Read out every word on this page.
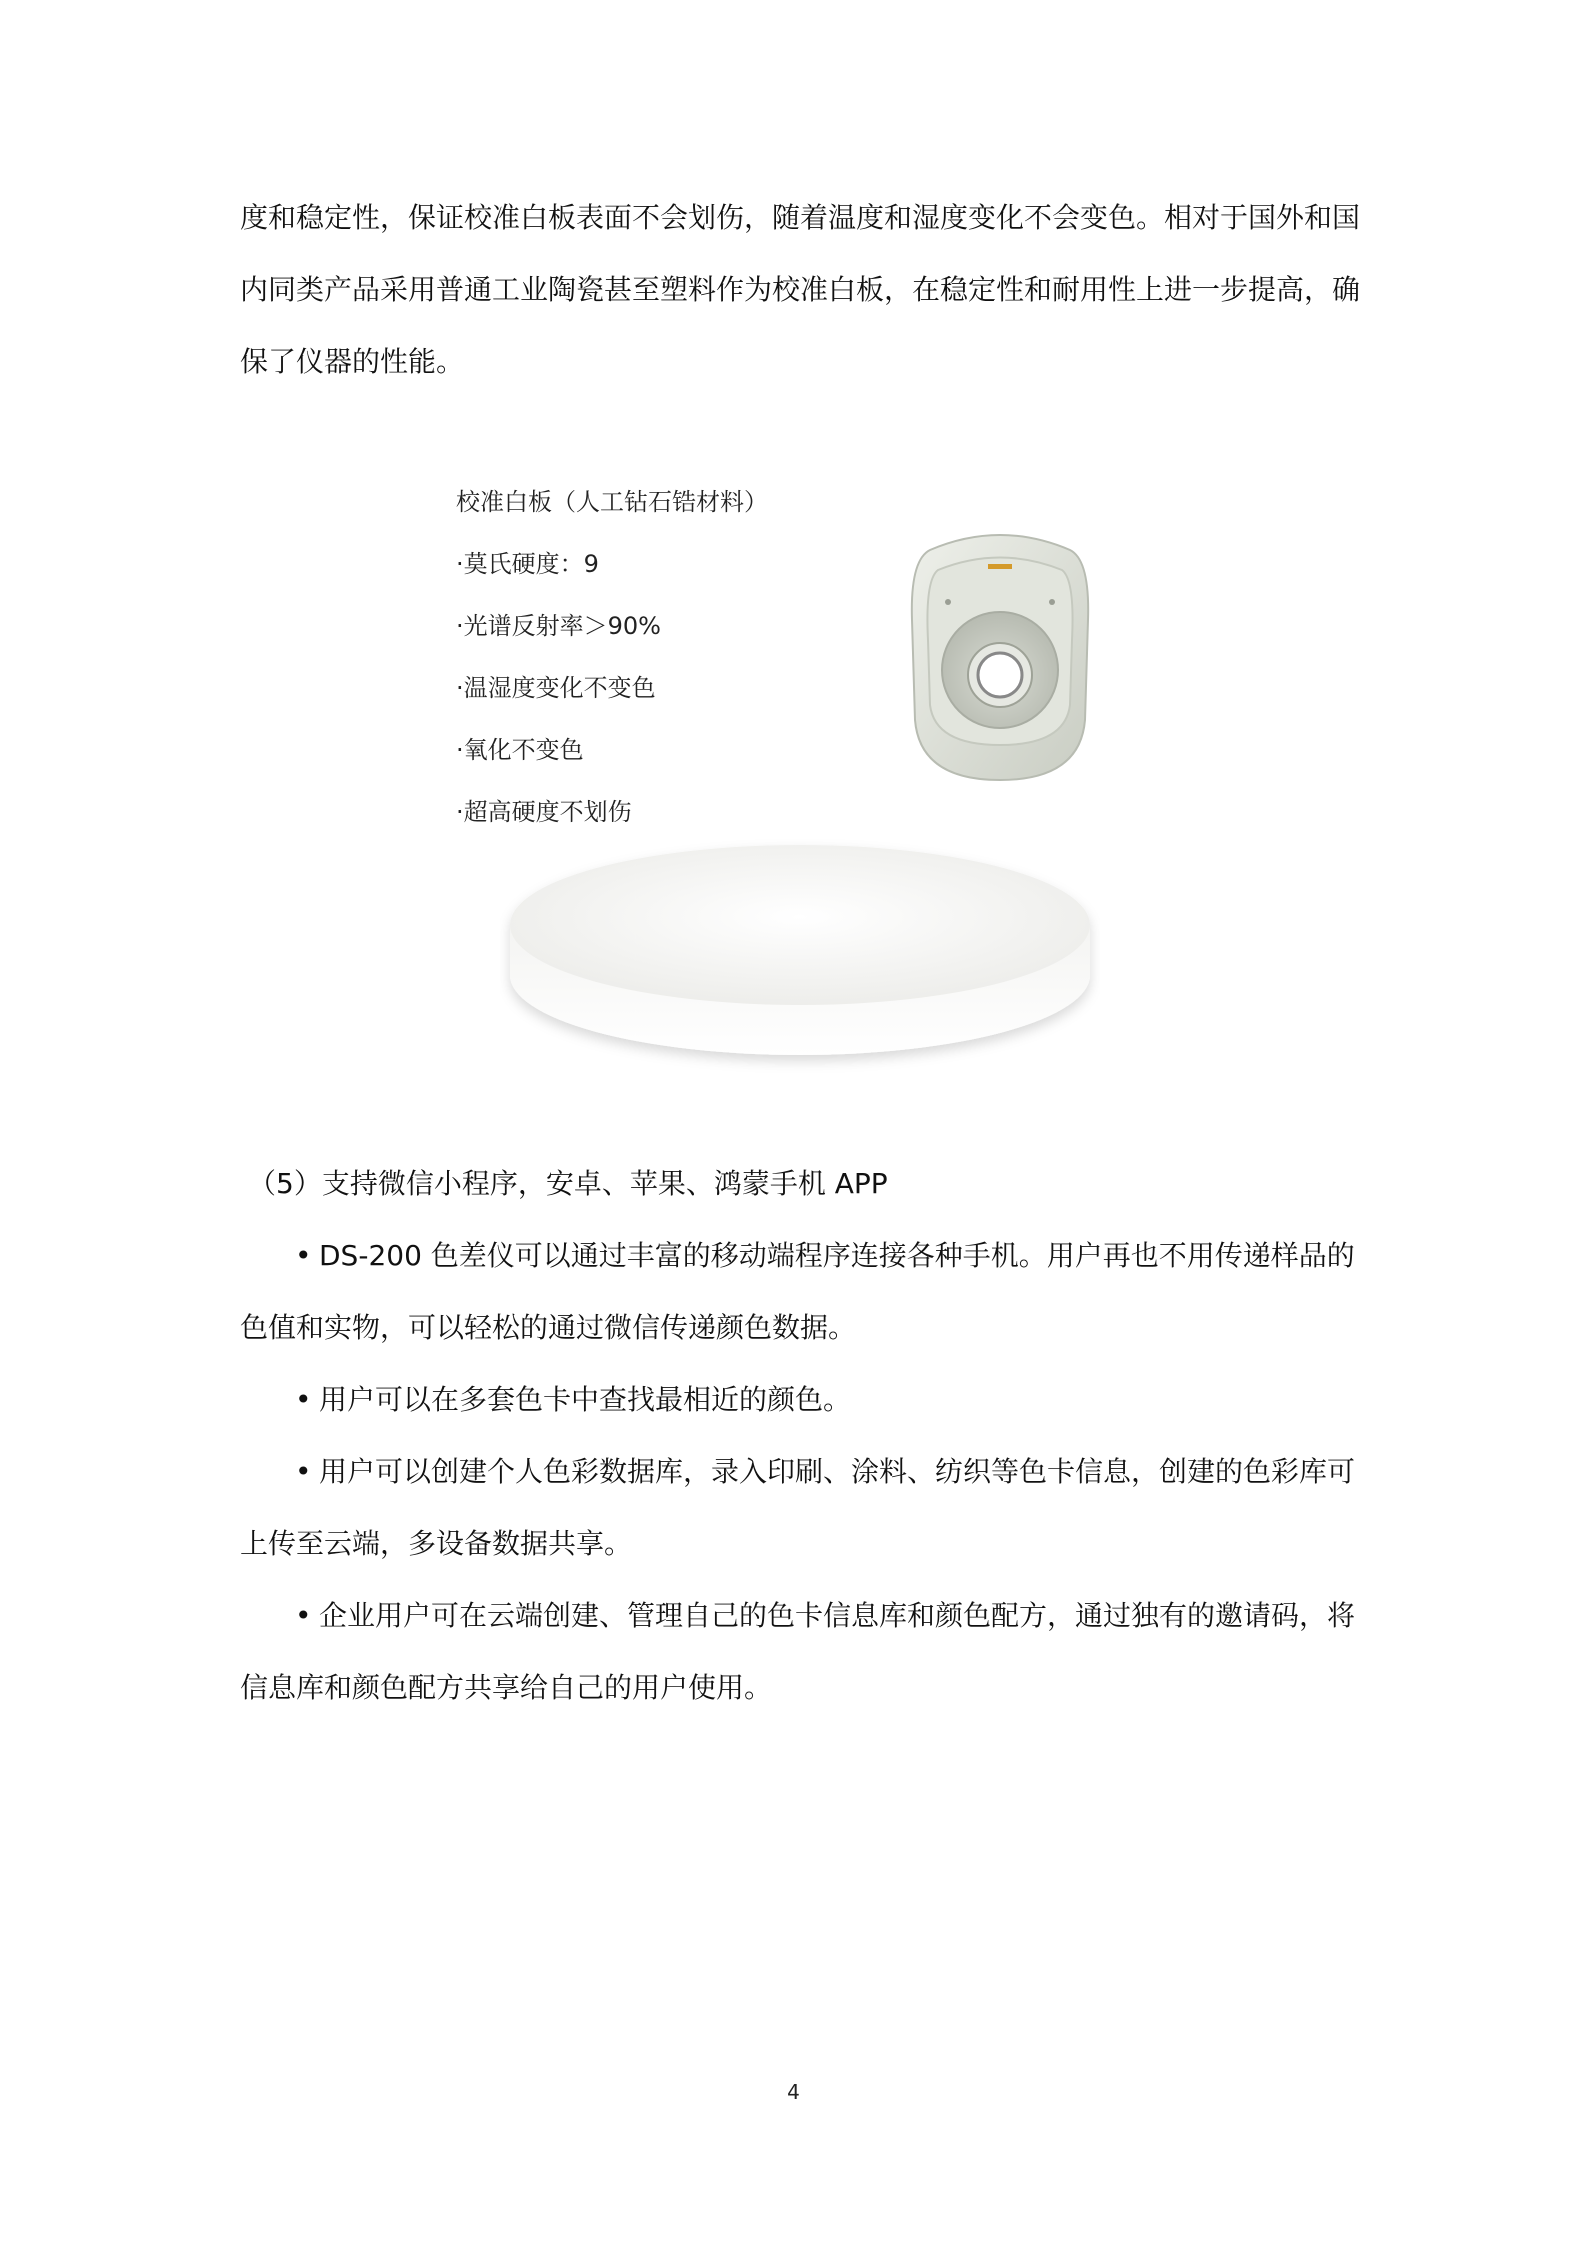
度和稳定性，保证校准白板表面不会划伤，随着温度和湿度变化不会变色。相对于国外和国
内同类产品采用普通工业陶瓷甚至塑料作为校准白板，在稳定性和耐用性上进一步提高，确
保了仪器的性能。
校准白板（人工钻石锆材料）
·莫氏硬度：9
·光谱反射率＞90%
·温湿度变化不变色
·氧化不变色
·超高硬度不划伤
（5）支持微信小程序，安卓、苹果、鸿蒙手机 APP
• DS-200 色差仪可以通过丰富的移动端程序连接各种手机。用户再也不用传递样品的
色值和实物，可以轻松的通过微信传递颜色数据。
• 用户可以在多套色卡中查找最相近的颜色。
• 用户可以创建个人色彩数据库，录入印刷、涂料、纺织等色卡信息，创建的色彩库可
上传至云端，多设备数据共享。
• 企业用户可在云端创建、管理自己的色卡信息库和颜色配方，通过独有的邀请码，将
信息库和颜色配方共享给自己的用户使用。
4
